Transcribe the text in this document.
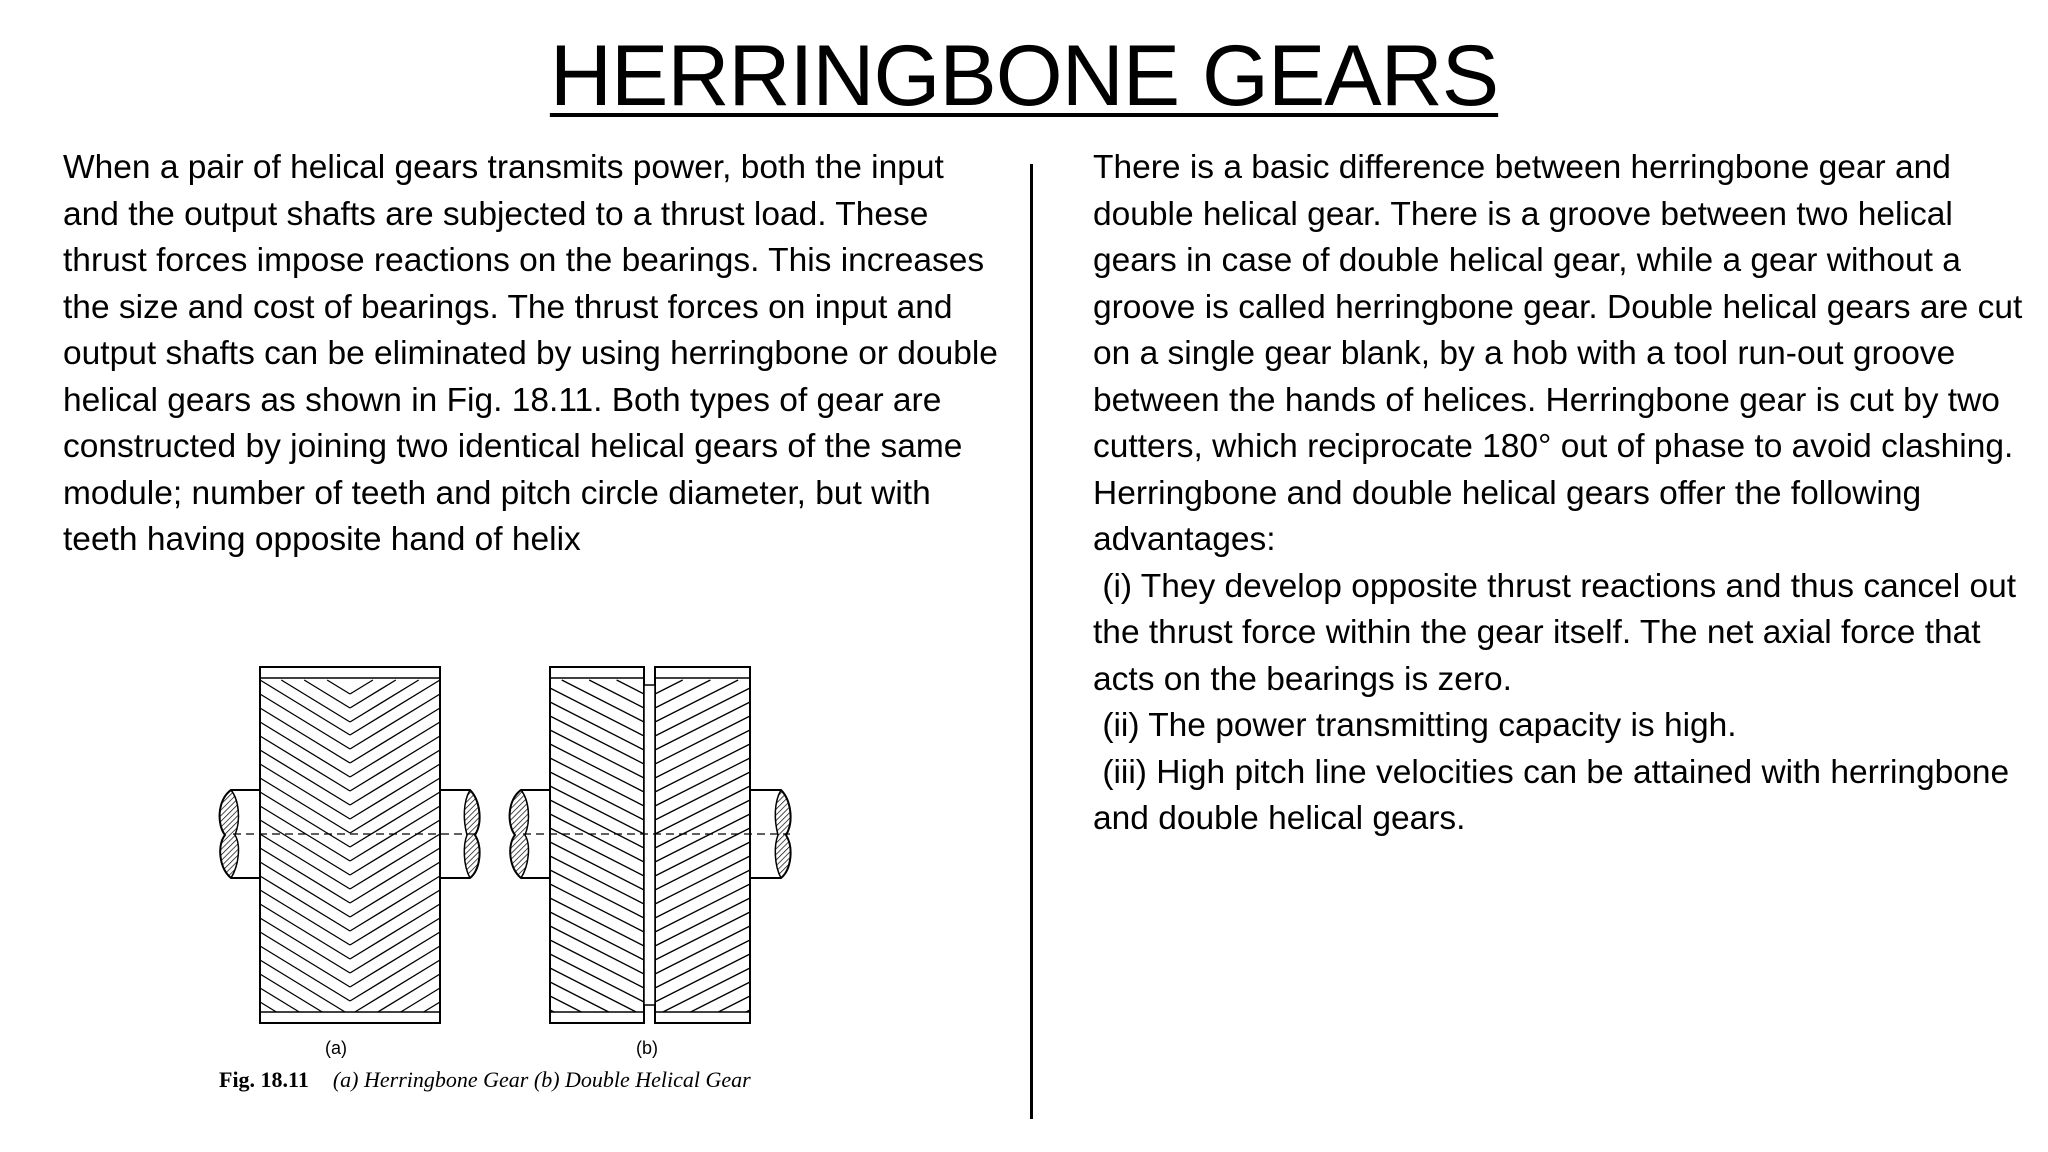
HERRINGBONE GEARS
When a pair of helical gears transmits power, both the input and the output shafts are subjected to a thrust load. These thrust forces impose reactions on the bearings. This increases the size and cost of bearings. The thrust forces on input and output shafts can be eliminated by using herringbone or double helical gears as shown in Fig. 18.11. Both types of gear are constructed by joining two identical helical gears of the same module; number of teeth and pitch circle diameter, but with teeth having opposite hand of helix
There is a basic difference between herringbone gear and double helical gear. There is a groove between two helical gears in case of double helical gear, while a gear without a groove is called herringbone gear. Double helical gears are cut on a single gear blank, by a hob with a tool run-out groove between the hands of helices. Herringbone gear is cut by two cutters, which reciprocate 180° out of phase to avoid clashing. Herringbone and double helical gears offer the following advantages:
(i) They develop opposite thrust reactions and thus cancel out the thrust force within the gear itself. The net axial force that acts on the bearings is zero.
(ii) The power transmitting capacity is high.
(iii) High pitch line velocities can be attained with herringbone and double helical gears.
(a)	(b)
Fig. 18.11 (a) Herringbone Gear (b) Double Helical Gear
